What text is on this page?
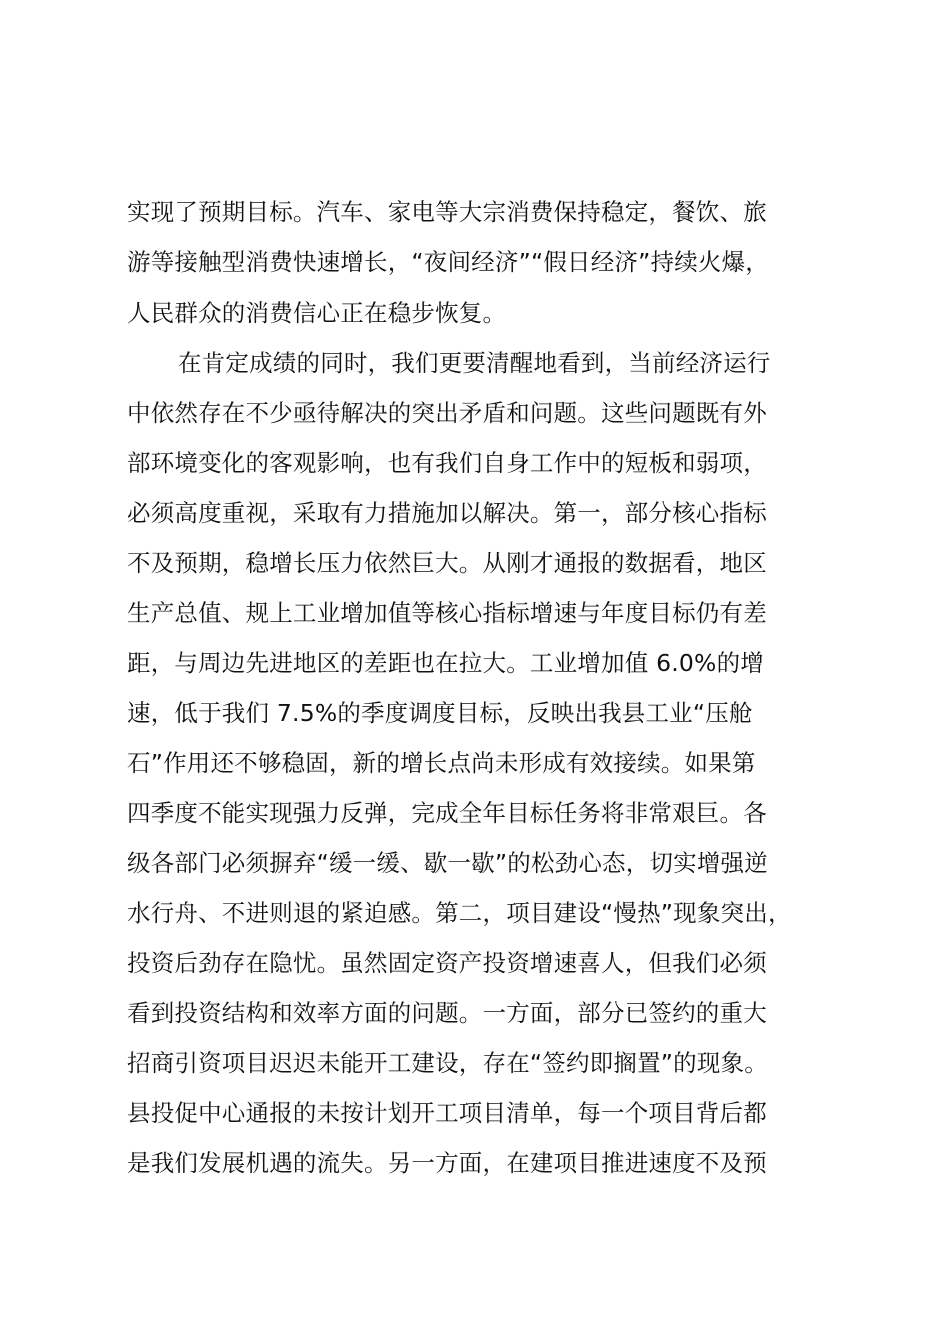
实现了预期目标。汽车、家电等大宗消费保持稳定，餐饮、旅
游等接触型消费快速增长，“夜间经济”“假日经济”持续火爆，
人民群众的消费信心正在稳步恢复。
在肯定成绩的同时，我们更要清醒地看到，当前经济运行
中依然存在不少亟待解决的突出矛盾和问题。这些问题既有外
部环境变化的客观影响，也有我们自身工作中的短板和弱项，
必须高度重视，采取有力措施加以解决。第一，部分核心指标
不及预期，稳增长压力依然巨大。从刚才通报的数据看，地区
生产总值、规上工业增加值等核心指标增速与年度目标仍有差
距，与周边先进地区的差距也在拉大。工业增加值 6.0%的增
速，低于我们 7.5%的季度调度目标，反映出我县工业“压舱
石”作用还不够稳固，新的增长点尚未形成有效接续。如果第
四季度不能实现强力反弹，完成全年目标任务将非常艰巨。各
级各部门必须摒弃“缓一缓、歇一歇”的松劲心态，切实增强逆
水行舟、不进则退的紧迫感。第二，项目建设“慢热”现象突出，
投资后劲存在隐忧。虽然固定资产投资增速喜人，但我们必须
看到投资结构和效率方面的问题。一方面，部分已签约的重大
招商引资项目迟迟未能开工建设，存在“签约即搁置”的现象。
县投促中心通报的未按计划开工项目清单，每一个项目背后都
是我们发展机遇的流失。另一方面，在建项目推进速度不及预
